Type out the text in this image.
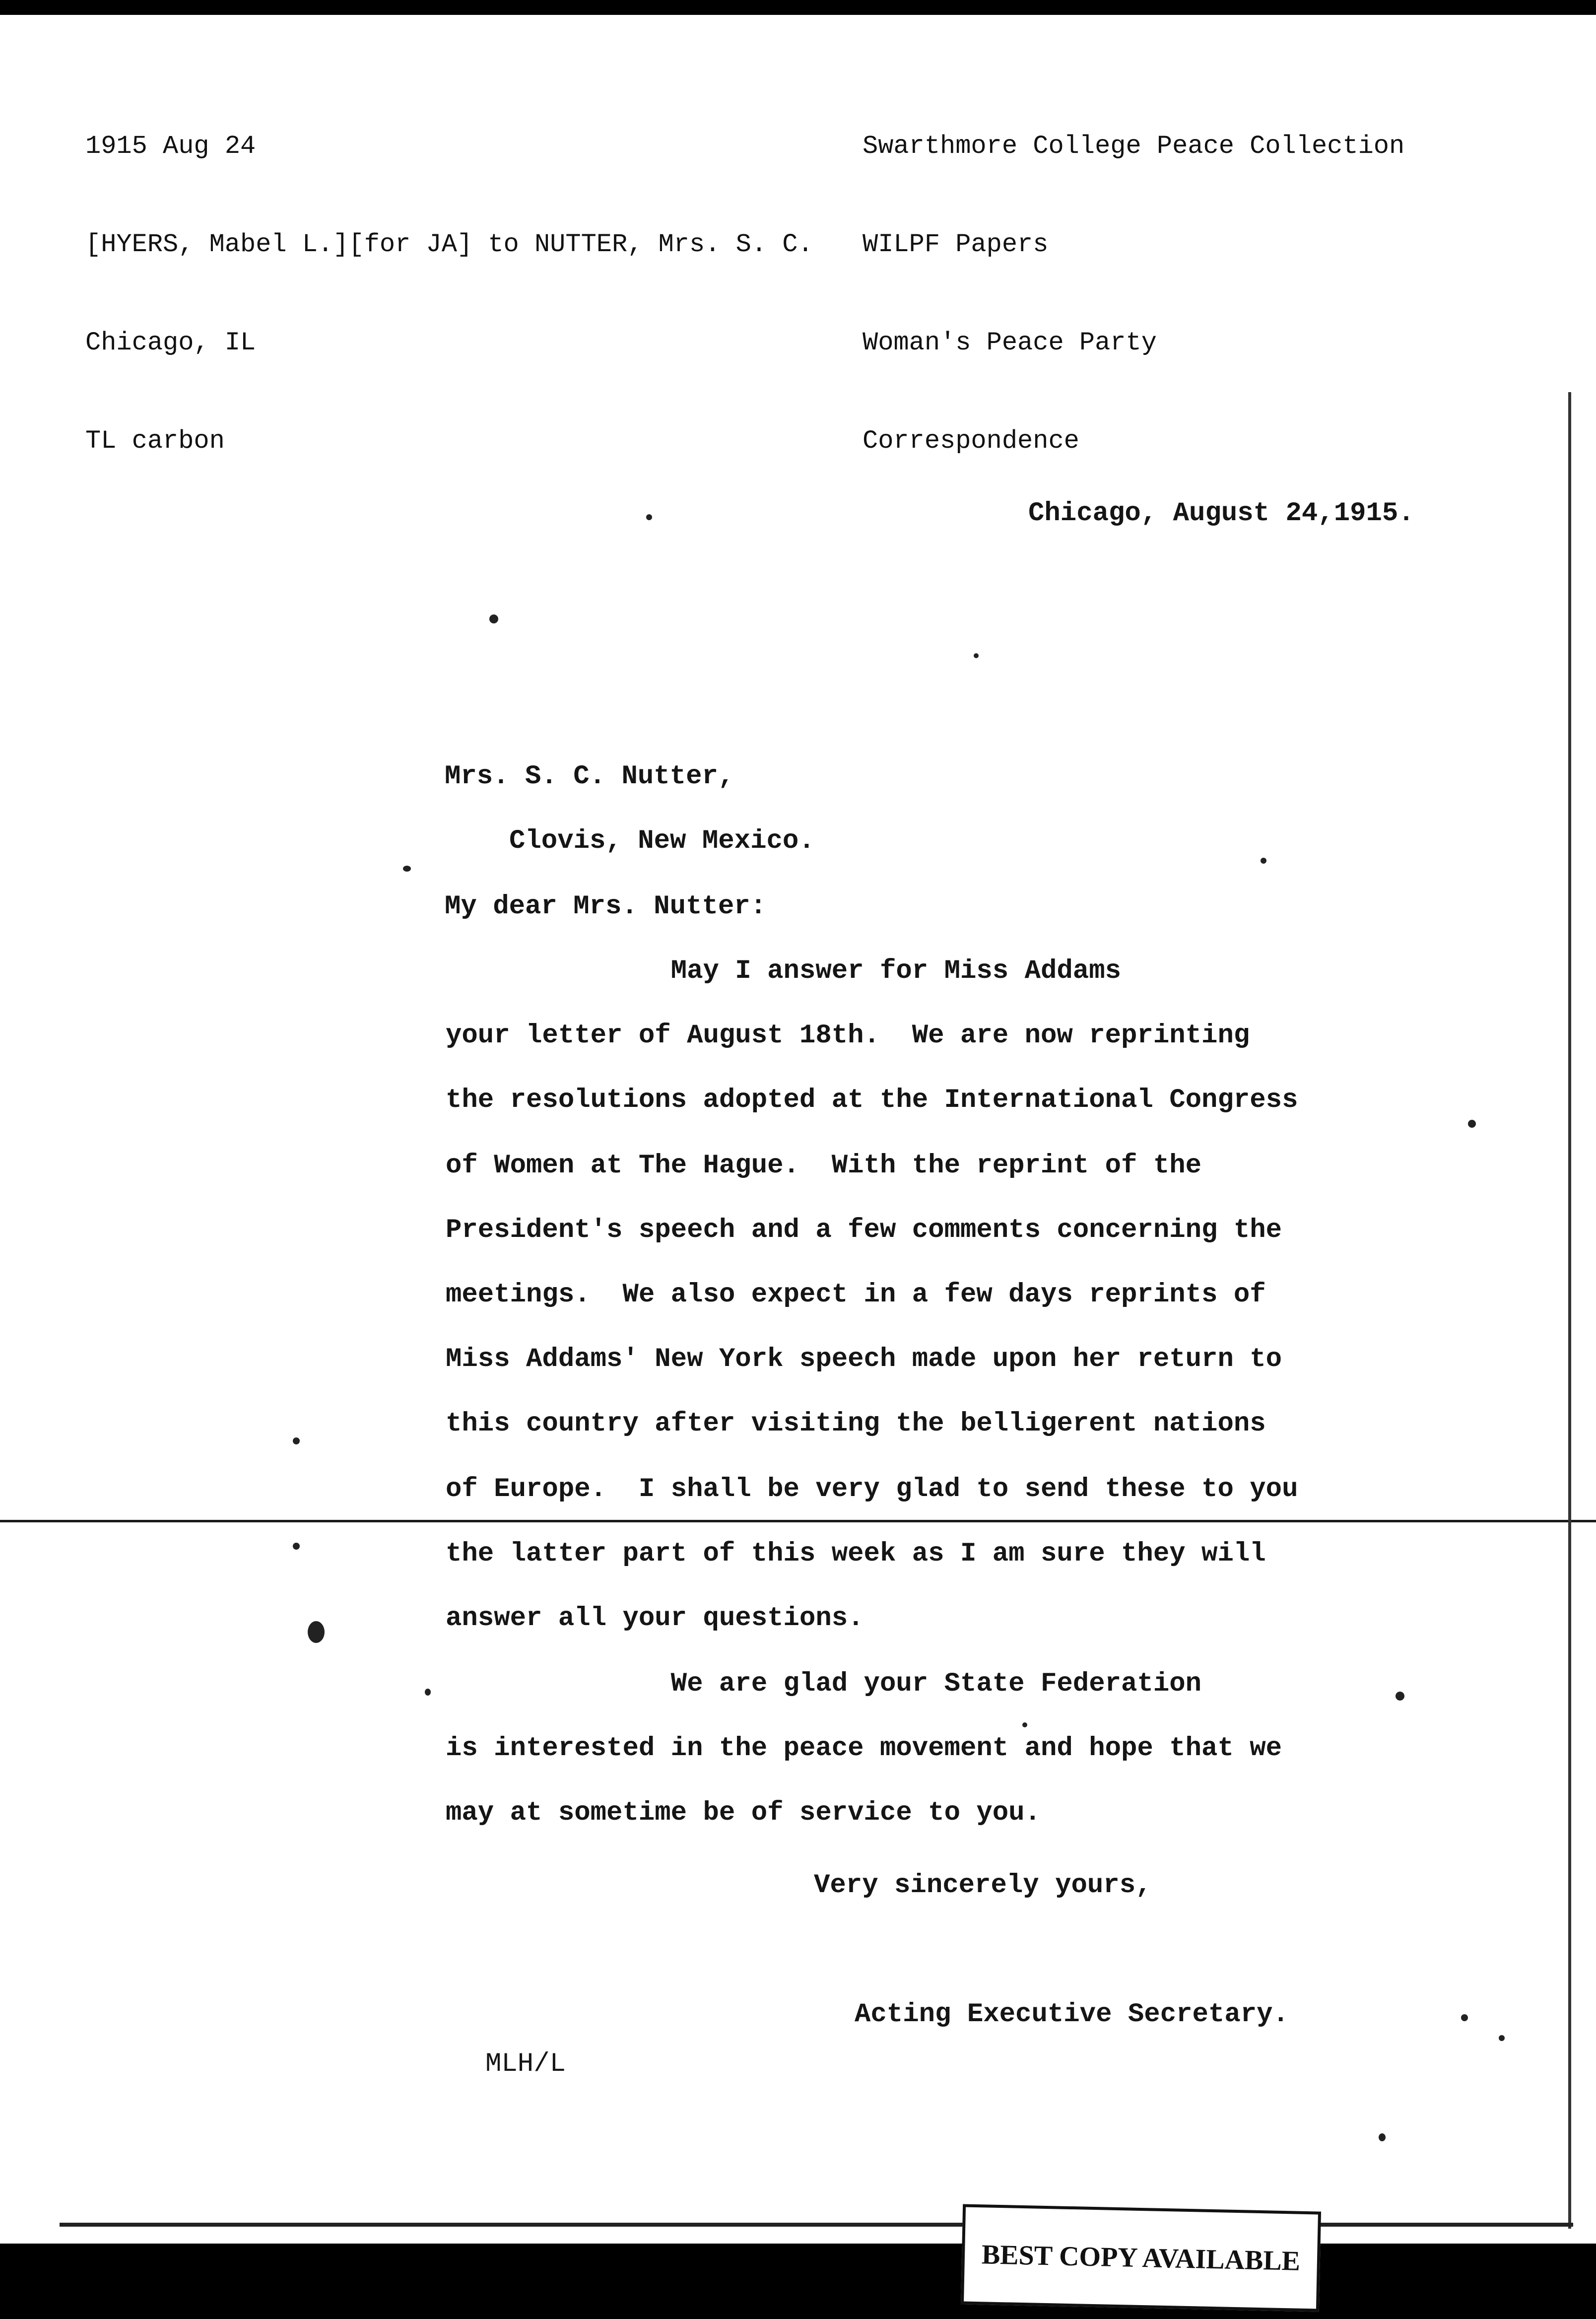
1915 Aug 24

[HYERS, Mabel L.][for JA] to NUTTER, Mrs. S. C.

Chicago, IL

TL carbon

Swarthmore College Peace Collection

WILPF Papers

Woman's Peace Party

Correspondence

Chicago, August 24,1915.
Mrs. S. C. Nutter,
Clovis, New Mexico.
My dear Mrs. Nutter:
May I answer for Miss Addams
your letter of August 18th.  We are now reprinting
the resolutions adopted at the International Congress
of Women at The Hague.  With the reprint of the
President's speech and a few comments concerning the
meetings.  We also expect in a few days reprints of
Miss Addams' New York speech made upon her return to
this country after visiting the belligerent nations
of Europe.  I shall be very glad to send these to you
the latter part of this week as I am sure they will
answer all your questions.
We are glad your State Federation
is interested in the peace movement and hope that we
may at sometime be of service to you.
Very sincerely yours,
Acting Executive Secretary.
MLH/L
BEST COPY AVAILABLE
